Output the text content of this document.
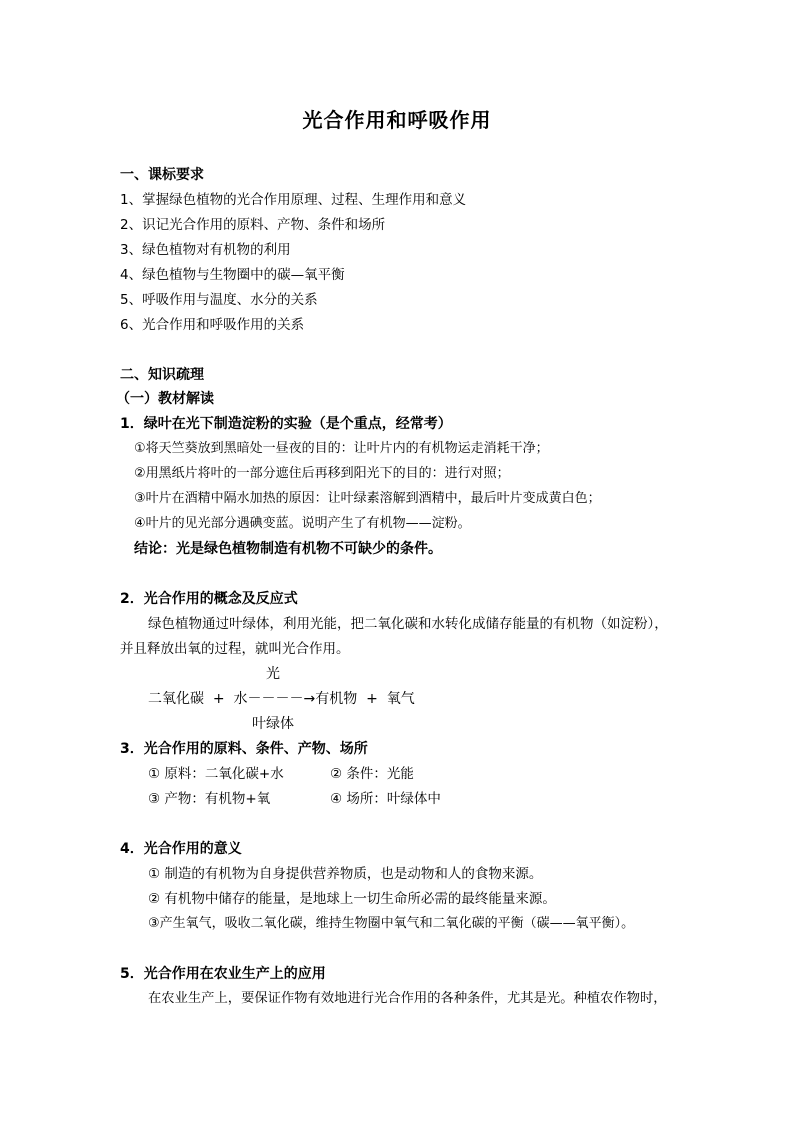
光合作用和呼吸作用
一、课标要求
1、掌握绿色植物的光合作用原理、过程、生理作用和意义
2、识记光合作用的原料、产物、条件和场所
3、绿色植物对有机物的利用
4、绿色植物与生物圈中的碳—氧平衡
5、呼吸作用与温度、水分的关系
6、光合作用和呼吸作用的关系
二、知识疏理
（一）教材解读
1．绿叶在光下制造淀粉的实验（是个重点，经常考）
①将天竺葵放到黑暗处一昼夜的目的：让叶片内的有机物运走消耗干净；
②用黑纸片将叶的一部分遮住后再移到阳光下的目的：进行对照；
③叶片在酒精中隔水加热的原因：让叶绿素溶解到酒精中，最后叶片变成黄白色；
④叶片的见光部分遇碘变蓝。说明产生了有机物——淀粉。
结论：光是绿色植物制造有机物不可缺少的条件。
2．光合作用的概念及反应式
绿色植物通过叶绿体，利用光能，把二氧化碳和水转化成储存能量的有机物（如淀粉），
并且释放出氧的过程，就叫光合作用。
光
二氧化碳  +  水－－－－→有机物  +  氧气
叶绿体
3．光合作用的原料、条件、产物、场所
① 原料：二氧化碳+水	② 条件：光能
③ 产物：有机物+氧	④ 场所：叶绿体中
4．光合作用的意义
① 制造的有机物为自身提供营养物质，也是动物和人的食物来源。
② 有机物中储存的能量，是地球上一切生命所必需的最终能量来源。
③产生氧气，吸收二氧化碳，维持生物圈中氧气和二氧化碳的平衡（碳——氧平衡）。
5．光合作用在农业生产上的应用
在农业生产上，要保证作物有效地进行光合作用的各种条件，尤其是光。种植农作物时，
